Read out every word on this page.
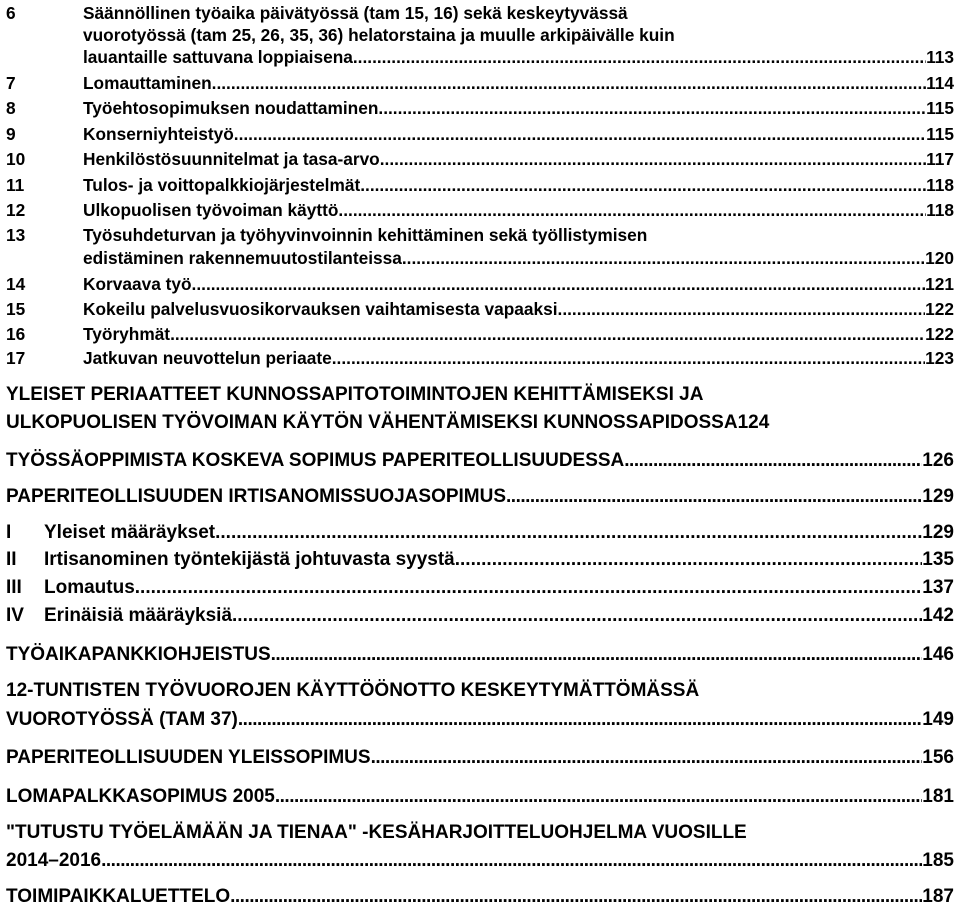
6	Säännöllinen työaika päivätyössä (tam 15, 16) sekä keskeytyvässä
vuorotyössä (tam 25, 26, 35, 36) helatorstaina ja muulle arkipäivälle kuin
lauantaille sattuvana loppiaisena .....	113
7	Lomauttaminen .....	114
8	Työehtosopimuksen noudattaminen .....	115
9	Konserniyhteistyö .....	115
10	Henkilöstösuunnitelmat ja tasa-arvo .....	117
11	Tulos- ja voittopalkkiojärjestelmät .....	118
12	Ulkopuolisen työvoiman käyttö .....	118
13	Työsuhdeturvan ja työhyvinvoinnin kehittäminen sekä työllistymisen
edistäminen rakennemuutostilanteissa .....	120
14	Korvaava työ .....	121
15	Kokeilu palvelusvuosikorvauksen vaihtamisesta vapaaksi .....	122
16	Työryhmät .....	122
17	Jatkuvan neuvottelun periaate .....	123
YLEISET PERIAATTEET KUNNOSSAPITOTOIMINTOJEN KEHITTÄMISEKSI JA
ULKOPUOLISEN TYÖVOIMAN KÄYTÖN VÄHENTÄMISEKSI KUNNOSSAPIDOSSA 124
TYÖSSÄOPPIMISTA KOSKEVA SOPIMUS PAPERITEOLLISUUDESSA .....	126
PAPERITEOLLISUUDEN IRTISANOMISSUOJASOPIMUS .....	129
I Yleiset määräykset .....	129
II Irtisanominen työntekijästä johtuvasta syystä .....	135
III Lomautus .....	137
IV Erinäisiä määräyksiä .....	142
TYÖAIKAPANKKIOHJEISTUS .....	146
12-TUNTISTEN TYÖVUOROJEN KÄYTTÖÖNOTTO KESKEYTYMÄTTÖMÄSSÄ
VUOROTYÖSSÄ (TAM 37) .....	149
PAPERITEOLLISUUDEN YLEISSOPIMUS .....	156
LOMAPALKKASOPIMUS 2005 .....	181
"TUTUSTU TYÖELÄMÄÄN JA TIENAA" -KESÄHARJOITTELUOHJELMA VUOSILLE
2014–2016 .....	185
TOIMIPAIKKALUETTELO .....	187
